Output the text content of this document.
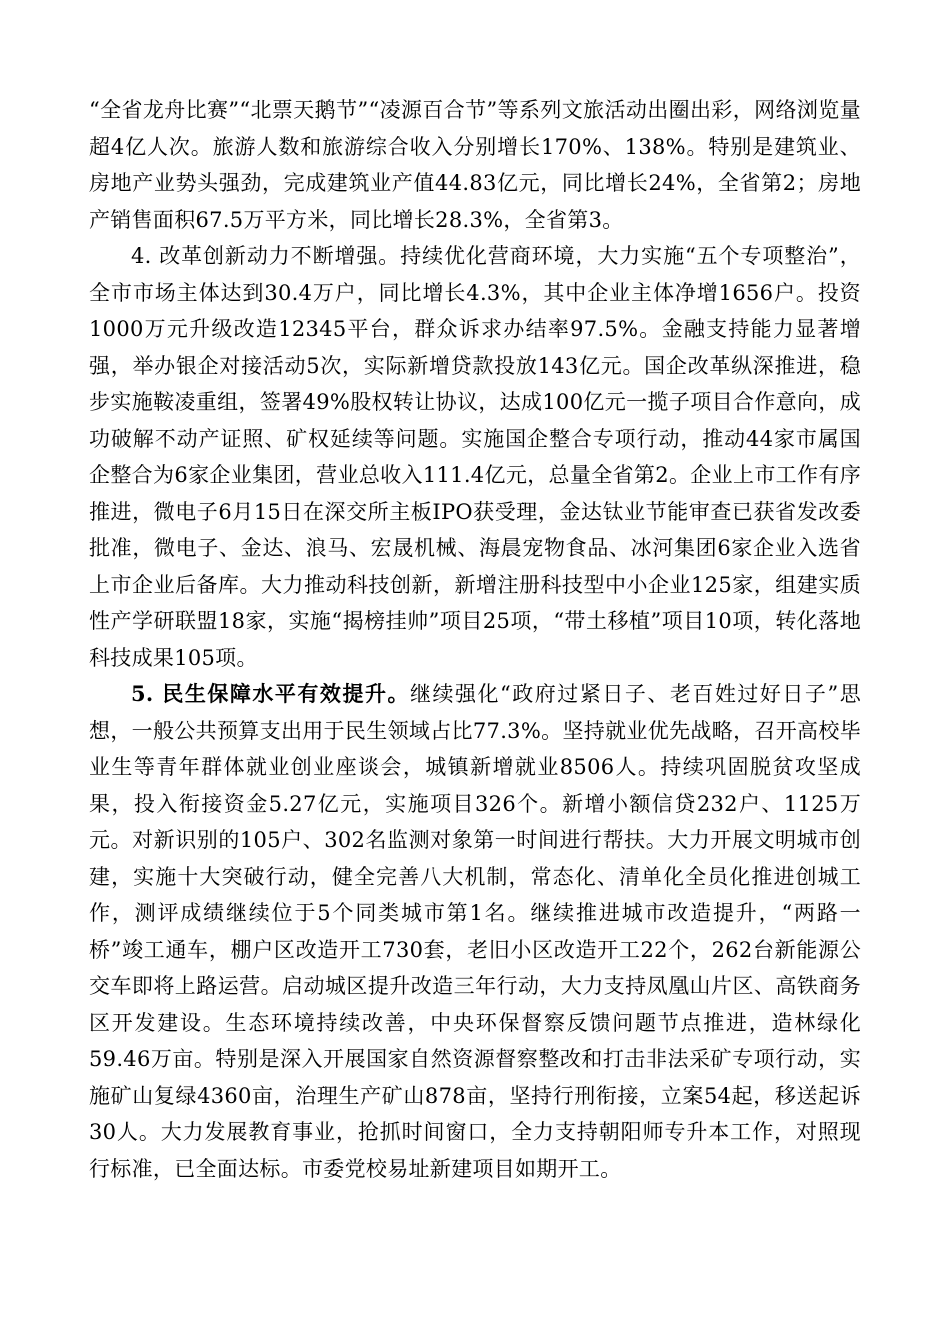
“全省龙舟比赛”“北票天鹅节”“凌源百合节”等系列文旅活动出圈出彩，网络浏览量超4亿人次。旅游人数和旅游综合收入分别增长170%、138%。特别是建筑业、房地产业势头强劲，完成建筑业产值44.83亿元，同比增长24%，全省第2；房地产销售面积67.5万平方米，同比增长28.3%，全省第3。

4. 改革创新动力不断增强。持续优化营商环境，大力实施“五个专项整治”，全市市场主体达到30.4万户，同比增长4.3%，其中企业主体净增1656户。投资1000万元升级改造12345平台，群众诉求办结率97.5%。金融支持能力显著增强，举办银企对接活动5次，实际新增贷款投放143亿元。国企改革纵深推进，稳步实施鞍凌重组，签署49%股权转让协议，达成100亿元一揽子项目合作意向，成功破解不动产证照、矿权延续等问题。实施国企整合专项行动，推动44家市属国企整合为6家企业集团，营业总收入111.4亿元，总量全省第2。企业上市工作有序推进，微电子6月15日在深交所主板IPO获受理，金达钛业节能审查已获省发改委批准，微电子、金达、浪马、宏晟机械、海晨宠物食品、冰河集团6家企业入选省上市企业后备库。大力推动科技创新，新增注册科技型中小企业125家，组建实质性产学研联盟18家，实施“揭榜挂帅”项目25项，“带土移植”项目10项，转化落地科技成果105项。

5. 民生保障水平有效提升。继续强化“政府过紧日子、老百姓过好日子”思想，一般公共预算支出用于民生领域占比77.3%。坚持就业优先战略，召开高校毕业生等青年群体就业创业座谈会，城镇新增就业8506人。持续巩固脱贫攻坚成果，投入衔接资金5.27亿元，实施项目326个。新增小额信贷232户、1125万元。对新识别的105户、302名监测对象第一时间进行帮扶。大力开展文明城市创建，实施十大突破行动，健全完善八大机制，常态化、清单化全员化推进创城工作，测评成绩继续位于5个同类城市第1名。继续推进城市改造提升，“两路一桥”竣工通车，棚户区改造开工730套，老旧小区改造开工22个，262台新能源公交车即将上路运营。启动城区提升改造三年行动，大力支持凤凰山片区、高铁商务区开发建设。生态环境持续改善，中央环保督察反馈问题节点推进，造林绿化59.46万亩。特别是深入开展国家自然资源督察整改和打击非法采矿专项行动，实施矿山复绿4360亩，治理生产矿山878亩，坚持行刑衔接，立案54起，移送起诉30人。大力发展教育事业，抢抓时间窗口，全力支持朝阳师专升本工作，对照现行标准，已全面达标。市委党校易址新建项目如期开工。
